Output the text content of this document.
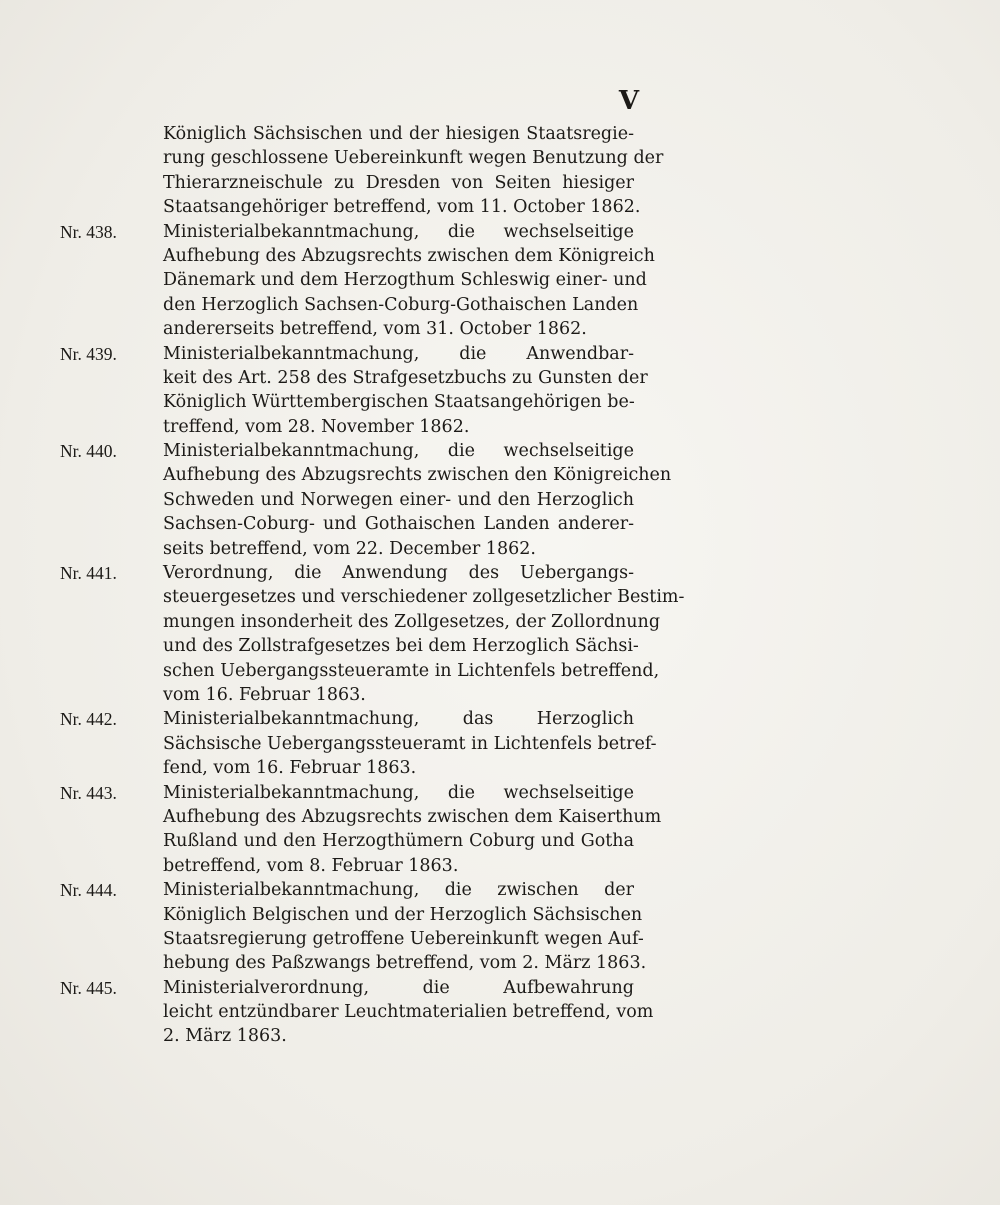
V
Königlich Sächsischen und der hiesigen Staatsregie-
rung geschlossene Uebereinkunft wegen Benutzung der
Thierarzneischule zu Dresden von Seiten hiesiger
Staatsangehöriger betreffend, vom 11. October 1862.
Nr. 438.	Ministerialbekanntmachung, die wechselseitige
Aufhebung des Abzugsrechts zwischen dem Königreich
Dänemark und dem Herzogthum Schleswig einer- und
den Herzoglich Sachsen-Coburg-Gothaischen Landen
andererseits betreffend, vom 31. October 1862.
Nr. 439.	Ministerialbekanntmachung, die Anwendbar-
keit des Art. 258 des Strafgesetzbuchs zu Gunsten der
Königlich Württembergischen Staatsangehörigen be-
treffend, vom 28. November 1862.
Nr. 440.	Ministerialbekanntmachung, die wechselseitige
Aufhebung des Abzugsrechts zwischen den Königreichen
Schweden und Norwegen einer- und den Herzoglich
Sachsen-Coburg- und Gothaischen Landen anderer-
seits betreffend, vom 22. December 1862.
Nr. 441.	Verordnung, die Anwendung des Uebergangs-
steuergesetzes und verschiedener zollgesetzlicher Bestim-
mungen insonderheit des Zollgesetzes, der Zollordnung
und des Zollstrafgesetzes bei dem Herzoglich Sächsi-
schen Uebergangssteueramte in Lichtenfels betreffend,
vom 16. Februar 1863.
Nr. 442.	Ministerialbekanntmachung, das Herzoglich
Sächsische Uebergangssteueramt in Lichtenfels betref-
fend, vom 16. Februar 1863.
Nr. 443.	Ministerialbekanntmachung, die wechselseitige
Aufhebung des Abzugsrechts zwischen dem Kaiserthum
Rußland und den Herzogthümern Coburg und Gotha
betreffend, vom 8. Februar 1863.
Nr. 444.	Ministerialbekanntmachung, die zwischen der
Königlich Belgischen und der Herzoglich Sächsischen
Staatsregierung getroffene Uebereinkunft wegen Auf-
hebung des Paßzwangs betreffend, vom 2. März 1863.
Nr. 445.	Ministerialverordnung, die Aufbewahrung
leicht entzündbarer Leuchtmaterialien betreffend, vom
2. März 1863.
